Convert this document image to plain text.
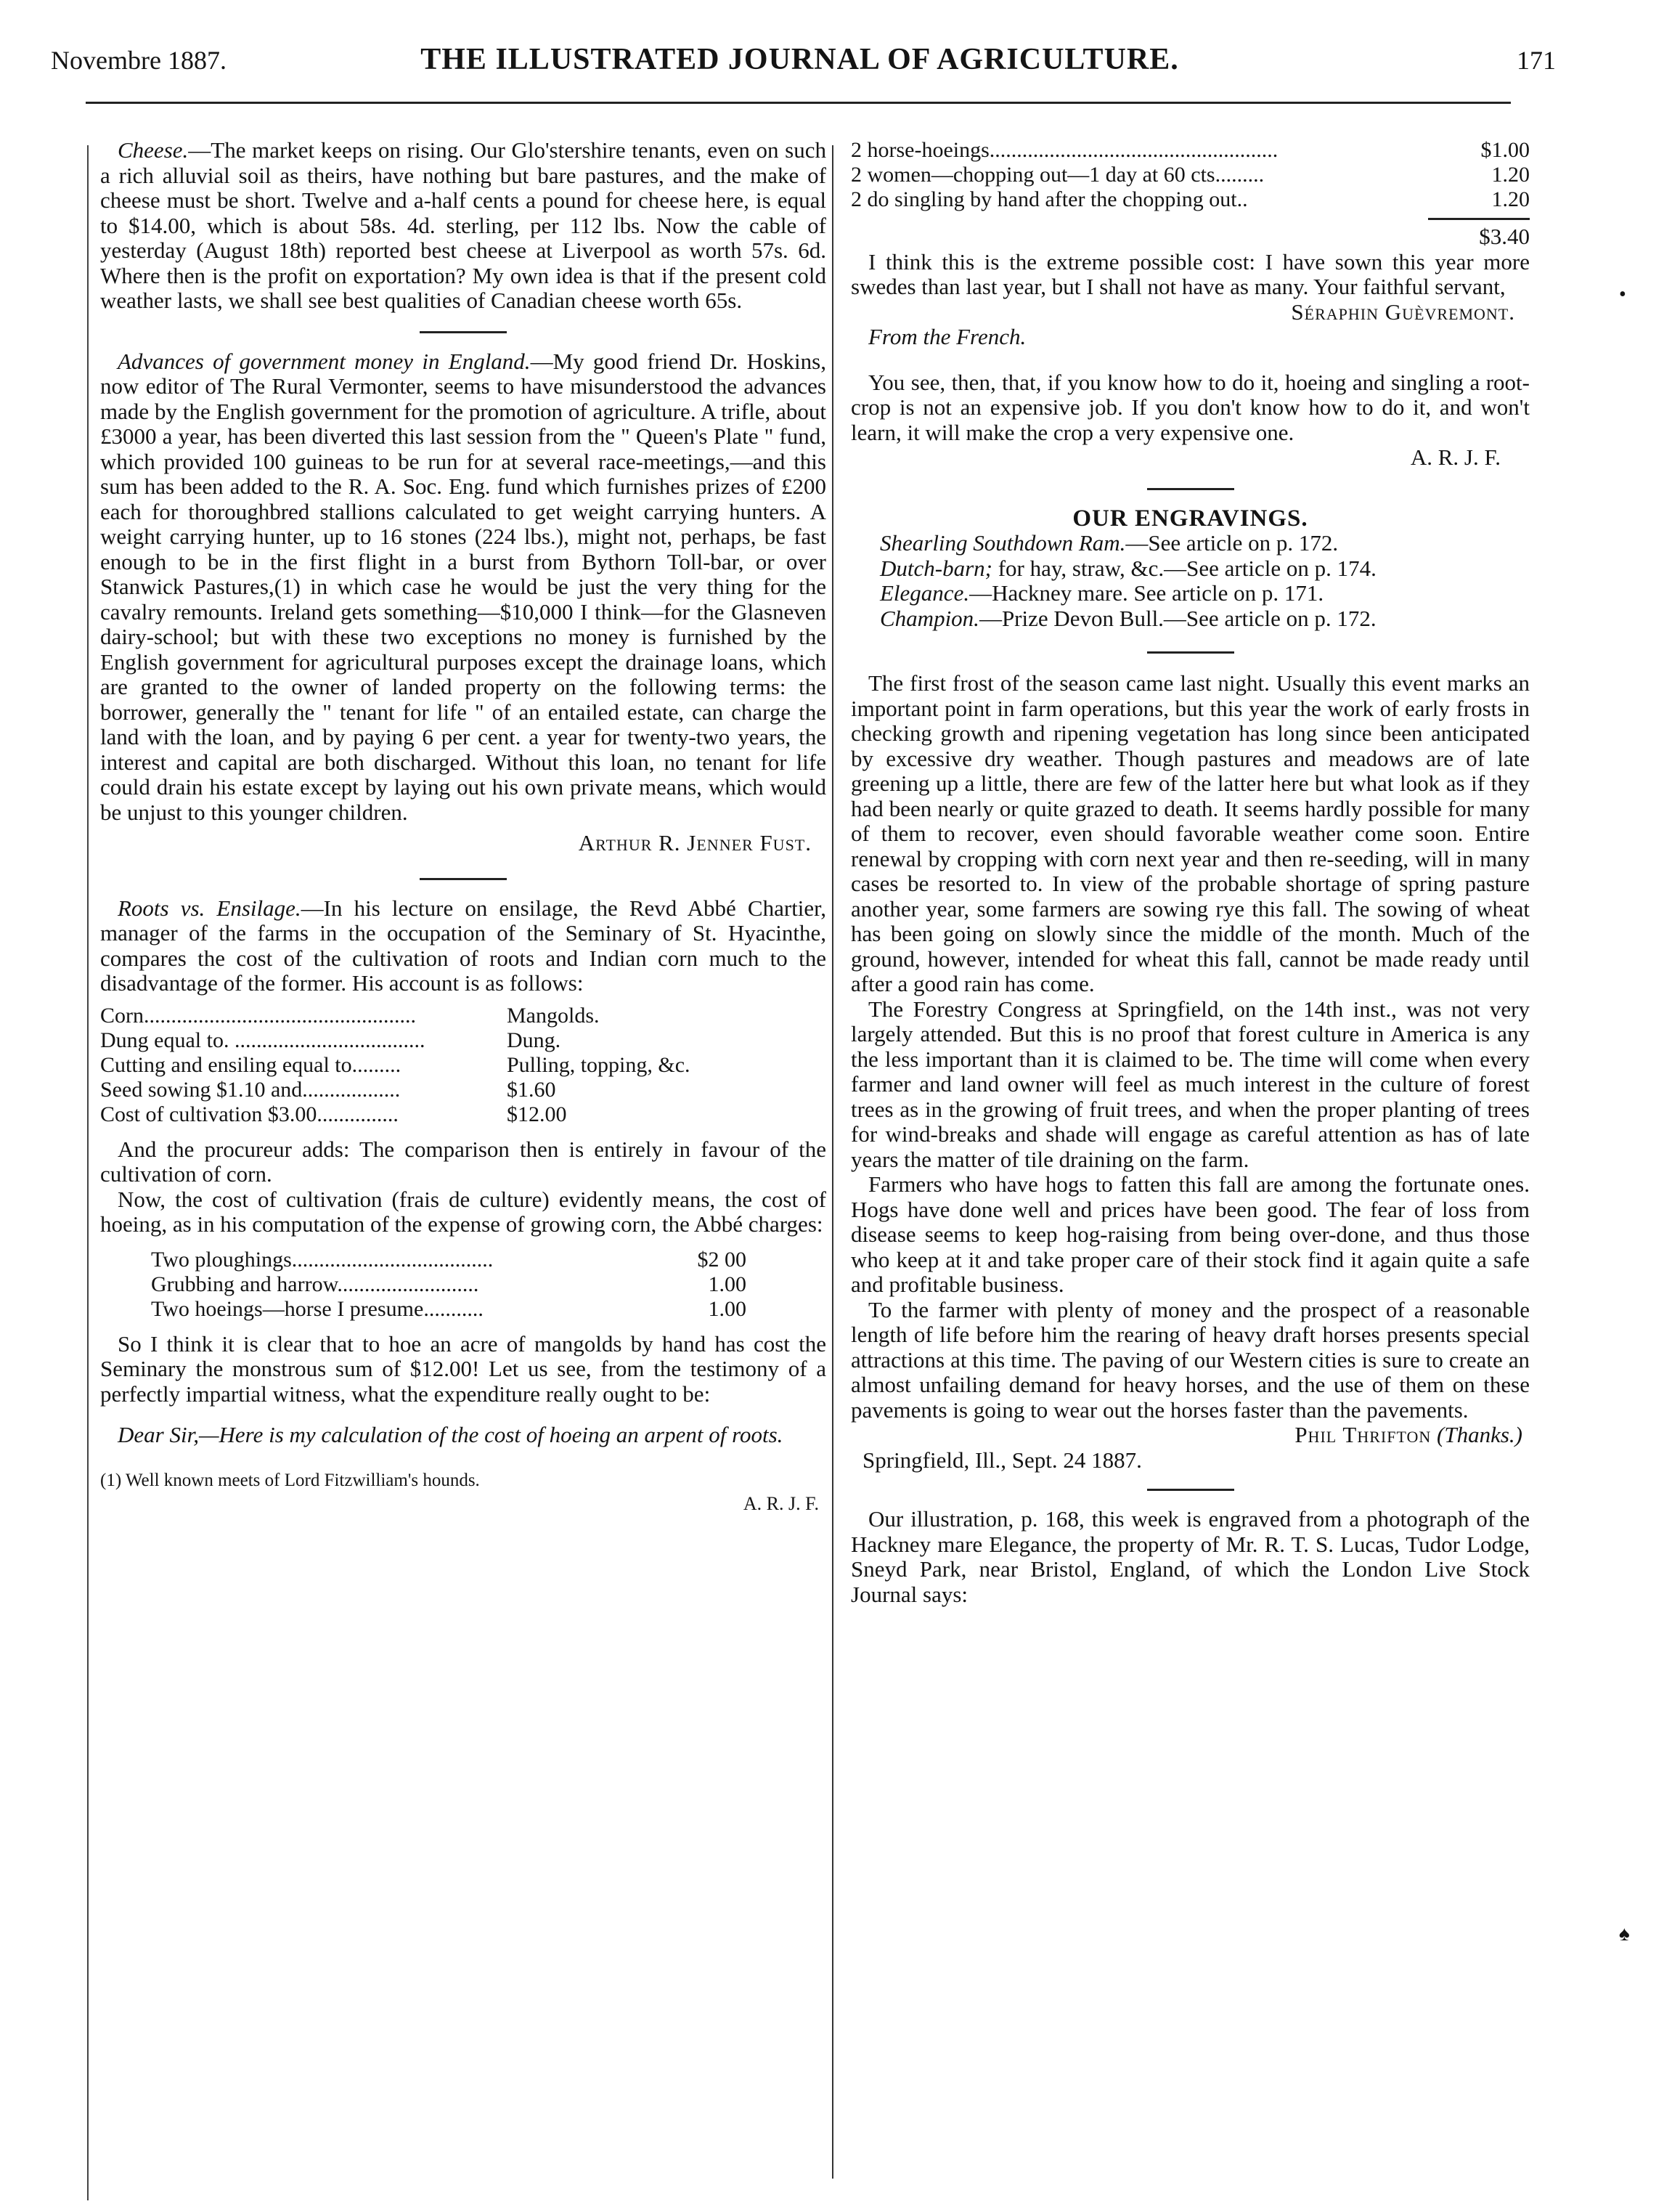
Novembre 1887.	THE ILLUSTRATED JOURNAL OF AGRICULTURE.	171

Cheese.—The market keeps on rising. Our Glo'stershire tenants, even on such a rich alluvial soil as theirs, have nothing but bare pastures, and the make of cheese must be short. Twelve and a-half cents a pound for cheese here, is equal to $14.00, which is about 58s. 4d. sterling, per 112 lbs. Now the cable of yesterday (August 18th) reported best cheese at Liverpool as worth 57s. 6d. Where then is the profit on exportation? My own idea is that if the present cold weather lasts, we shall see best qualities of Canadian cheese worth 65s.

Advances of government money in England.—My good friend Dr. Hoskins, now editor of The Rural Vermonter, seems to have misunderstood the advances made by the English government for the promotion of agriculture. A trifle, about £3000 a year, has been diverted this last session from the " Queen's Plate " fund, which provided 100 guineas to be run for at several race-meetings,—and this sum has been added to the R. A. Soc. Eng. fund which furnishes prizes of £200 each for thoroughbred stallions calculated to get weight carrying hunters. A weight carrying hunter, up to 16 stones (224 lbs.), might not, perhaps, be fast enough to be in the first flight in a burst from Bythorn Toll-bar, or over Stanwick Pastures,(1) in which case he would be just the very thing for the cavalry remounts. Ireland gets something—$10,000 I think—for the Glasneven dairy-school; but with these two exceptions no money is furnished by the English government for agricultural purposes except the drainage loans, which are granted to the owner of landed property on the following terms: the borrower, generally the " tenant for life " of an entailed estate, can charge the land with the loan, and by paying 6 per cent. a year for twenty-two years, the interest and capital are both discharged. Without this loan, no tenant for life could drain his estate except by laying out his own private means, which would be unjust to this younger children.

Arthur R. Jenner Fust.

Roots vs. Ensilage.—In his lecture on ensilage, the Revd Abbé Chartier, manager of the farms in the occupation of the Seminary of St. Hyacinthe, compares the cost of the cultivation of roots and Indian corn much to the disadvantage of the former. His account is as follows:

Corn..................................................	Mangolds.
Dung equal to. ...................................	Dung.
Cutting and ensiling equal to.........	Pulling, topping, &c.
Seed sowing $1.10 and..................	$1.60
Cost of cultivation $3.00...............	$12.00

And the procureur adds: The comparison then is entirely in favour of the cultivation of corn.

Now, the cost of cultivation (frais de culture) evidently means, the cost of hoeing, as in his computation of the expense of growing corn, the Abbé charges:

Two ploughings.....................................	$2 00
Grubbing and harrow..........................	1.00
Two hoeings—horse I presume...........	1.00

So I think it is clear that to hoe an acre of mangolds by hand has cost the Seminary the monstrous sum of $12.00! Let us see, from the testimony of a perfectly impartial witness, what the expenditure really ought to be:

Dear Sir,—Here is my calculation of the cost of hoeing an arpent of roots.

(1) Well known meets of Lord Fitzwilliam's hounds.

A. R. J. F.

2 horse-hoeings.....................................................	$1.00
2 women—chopping out—1 day at 60 cts.........	1.20
2 do singling by hand after the chopping out..	1.20

$3.40

I think this is the extreme possible cost: I have sown this year more swedes than last year, but I shall not have as many. Your faithful servant,

Séraphin Guèvremont.

From the French.

You see, then, that, if you know how to do it, hoeing and singling a root-crop is not an expensive job. If you don't know how to do it, and won't learn, it will make the crop a very expensive one.

A. R. J. F.

OUR ENGRAVINGS.

Shearling Southdown Ram.—See article on p. 172.

Dutch-barn; for hay, straw, &c.—See article on p. 174.

Elegance.—Hackney mare. See article on p. 171.

Champion.—Prize Devon Bull.—See article on p. 172.

The first frost of the season came last night. Usually this event marks an important point in farm operations, but this year the work of early frosts in checking growth and ripening vegetation has long since been anticipated by excessive dry weather. Though pastures and meadows are of late greening up a little, there are few of the latter here but what look as if they had been nearly or quite grazed to death. It seems hardly possible for many of them to recover, even should favorable weather come soon. Entire renewal by cropping with corn next year and then re-seeding, will in many cases be resorted to. In view of the probable shortage of spring pasture another year, some farmers are sowing rye this fall. The sowing of wheat has been going on slowly since the middle of the month. Much of the ground, however, intended for wheat this fall, cannot be made ready until after a good rain has come.

The Forestry Congress at Springfield, on the 14th inst., was not very largely attended. But this is no proof that forest culture in America is any the less important than it is claimed to be. The time will come when every farmer and land owner will feel as much interest in the culture of forest trees as in the growing of fruit trees, and when the proper planting of trees for wind-breaks and shade will engage as careful attention as has of late years the matter of tile draining on the farm.

Farmers who have hogs to fatten this fall are among the fortunate ones. Hogs have done well and prices have been good. The fear of loss from disease seems to keep hog-raising from being over-done, and thus those who keep at it and take proper care of their stock find it again quite a safe and profitable business.

To the farmer with plenty of money and the prospect of a reasonable length of life before him the rearing of heavy draft horses presents special attractions at this time. The paving of our Western cities is sure to create an almost unfailing demand for heavy horses, and the use of them on these pavements is going to wear out the horses faster than the pavements.

Phil Thrifton (Thanks.)

Springfield, Ill., Sept. 24 1887.

Our illustration, p. 168, this week is engraved from a photograph of the Hackney mare Elegance, the property of Mr. R. T. S. Lucas, Tudor Lodge, Sneyd Park, near Bristol, England, of which the London Live Stock Journal says:

•
♠
